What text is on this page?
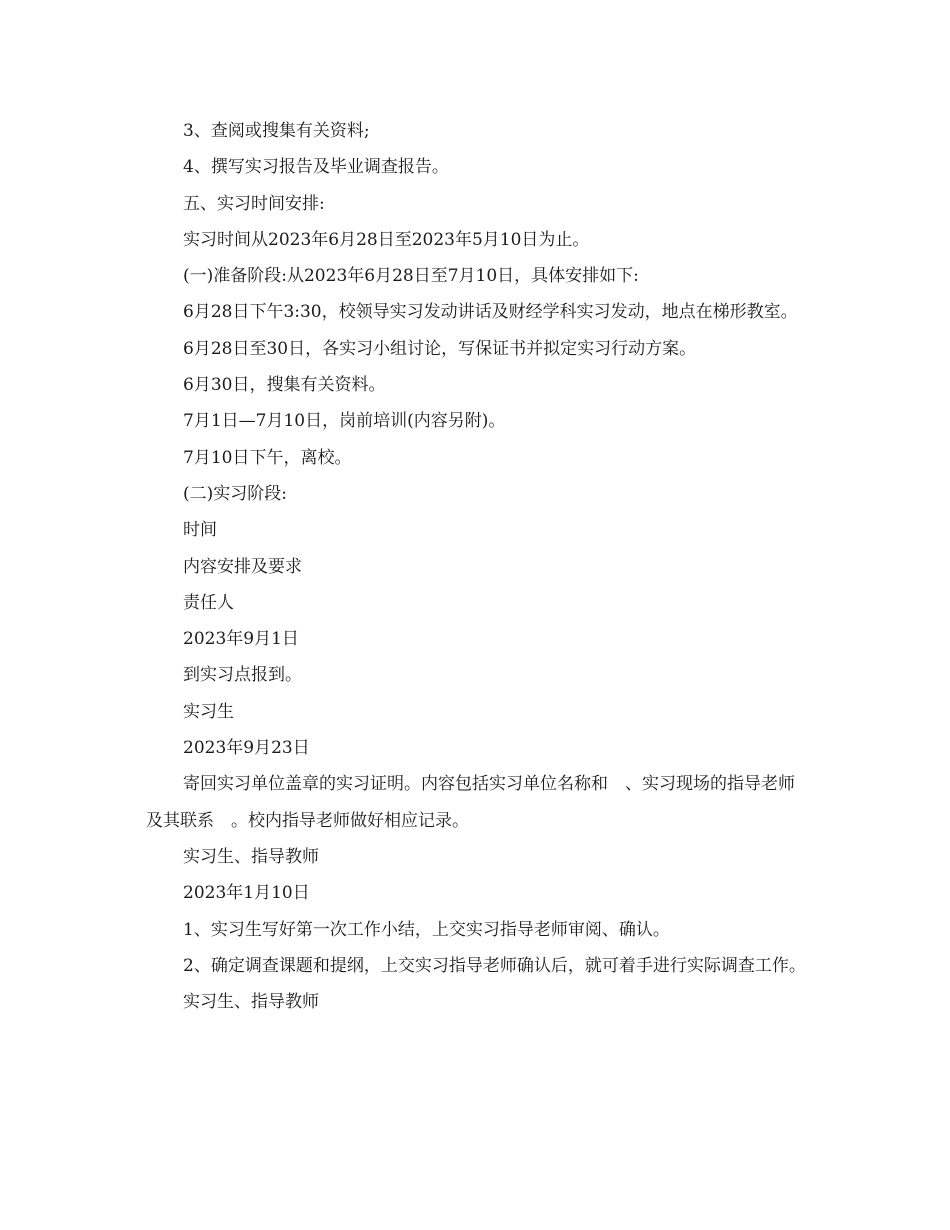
3、查阅或搜集有关资料;

4、撰写实习报告及毕业调查报告。

五、实习时间安排:

实习时间从2023年6月28日至2023年5月10日为止。

(一)准备阶段:从2023年6月28日至7月10日，具体安排如下:

6月28日下午3:30，校领导实习发动讲话及财经学科实习发动，地点在梯形教室。

6月28日至30日，各实习小组讨论，写保证书并拟定实习行动方案。

6月30日，搜集有关资料。

7月1日—7月10日，岗前培训(内容另附)。

7月10日下午，离校。

(二)实习阶段:

时间

内容安排及要求

责任人

2023年9月1日

到实习点报到。

实习生

2023年9月23日

寄回实习单位盖章的实习证明。内容包括实习单位名称和　、实习现场的指导老师及其联系　。校内指导老师做好相应记录。

实习生、指导教师

2023年1月10日

1、实习生写好第一次工作小结，上交实习指导老师审阅、确认。

2、确定调查课题和提纲，上交实习指导老师确认后，就可着手进行实际调查工作。

实习生、指导教师
